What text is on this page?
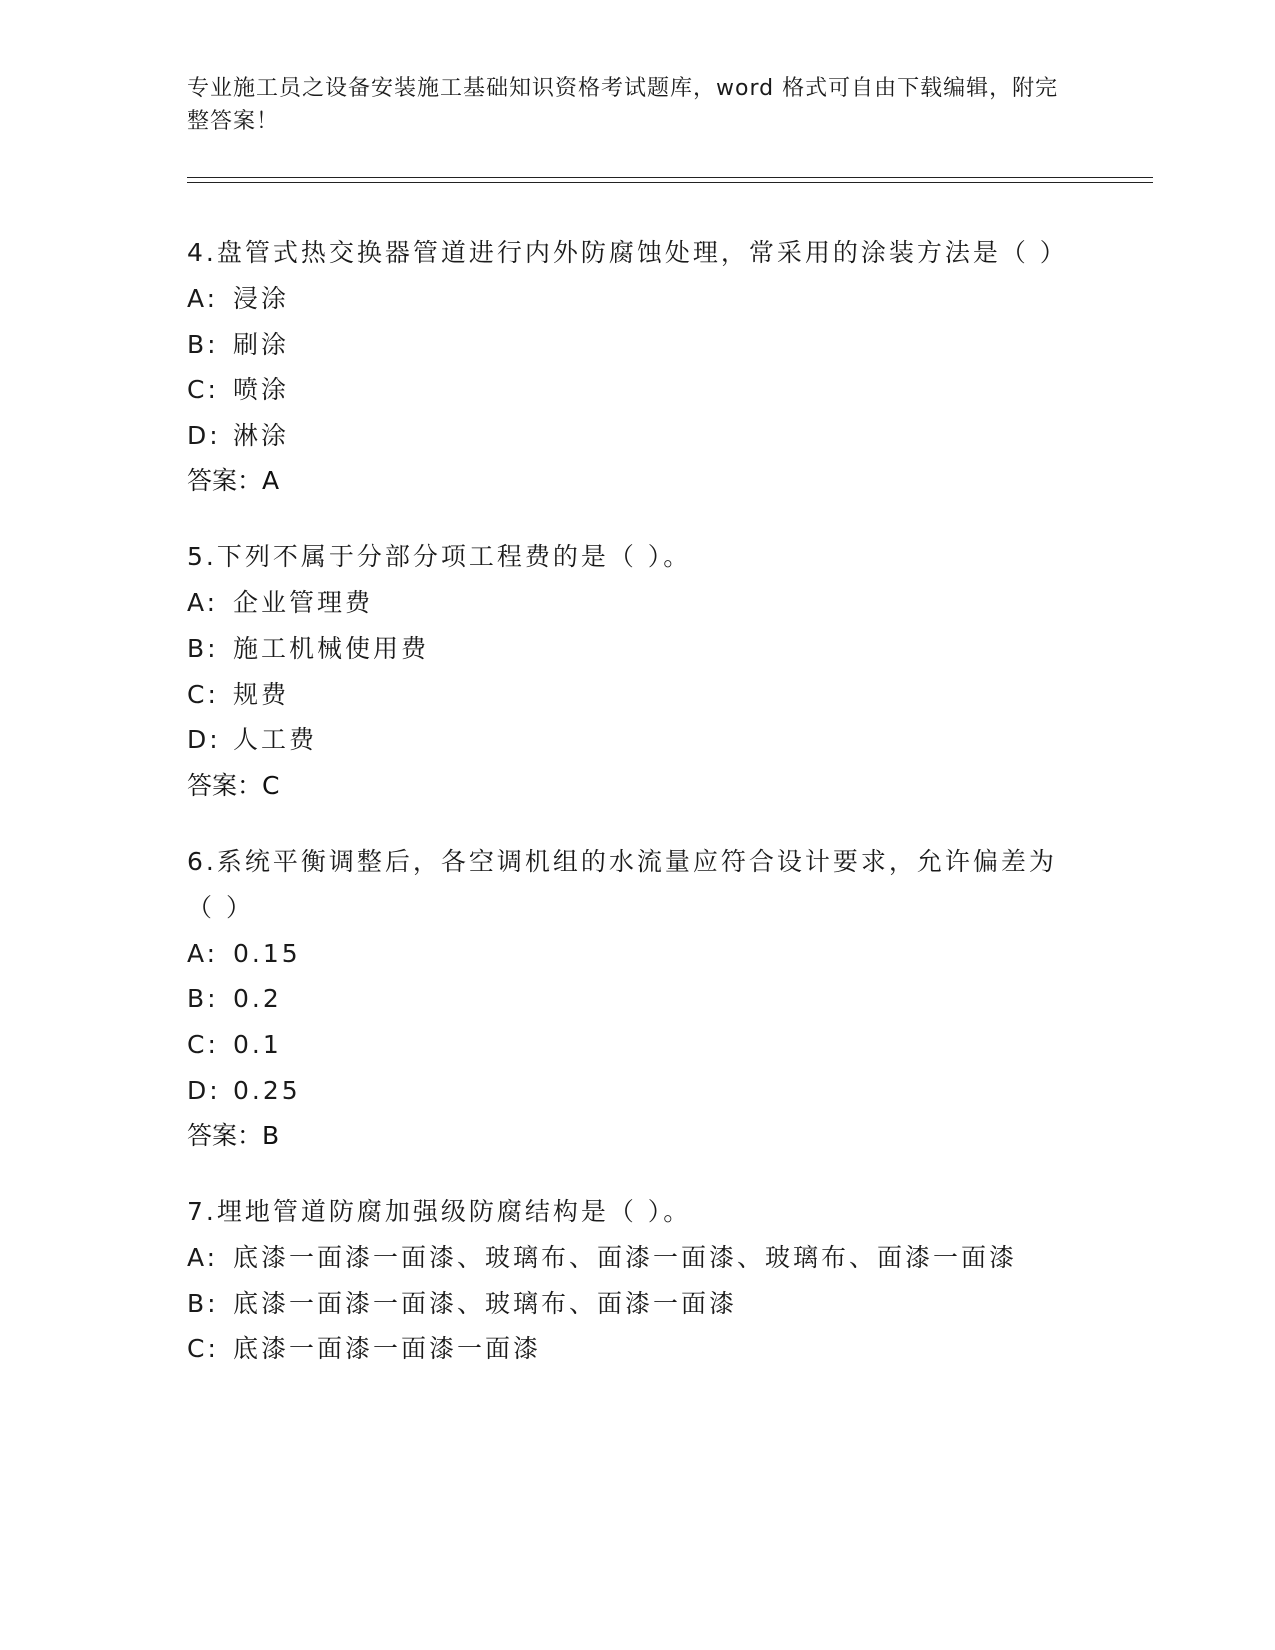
专业施工员之设备安装施工基础知识资格考试题库，word 格式可自由下载编辑，附完整答案！

4.盘管式热交换器管道进行内外防腐蚀处理，常采用的涂装方法是（ ）

A: 浸涂
B: 刷涂
C: 喷涂
D: 淋涂
答案：A

5.下列不属于分部分项工程费的是（ ）。

A: 企业管理费
B: 施工机械使用费
C: 规费
D: 人工费
答案：C

6.系统平衡调整后，各空调机组的水流量应符合设计要求，允许偏差为（ ）

A: 0.15
B: 0.2
C: 0.1
D: 0.25
答案：B

7.埋地管道防腐加强级防腐结构是（ ）。

A: 底漆一面漆一面漆、玻璃布、面漆一面漆、玻璃布、面漆一面漆
B: 底漆一面漆一面漆、玻璃布、面漆一面漆
C: 底漆一面漆一面漆一面漆
